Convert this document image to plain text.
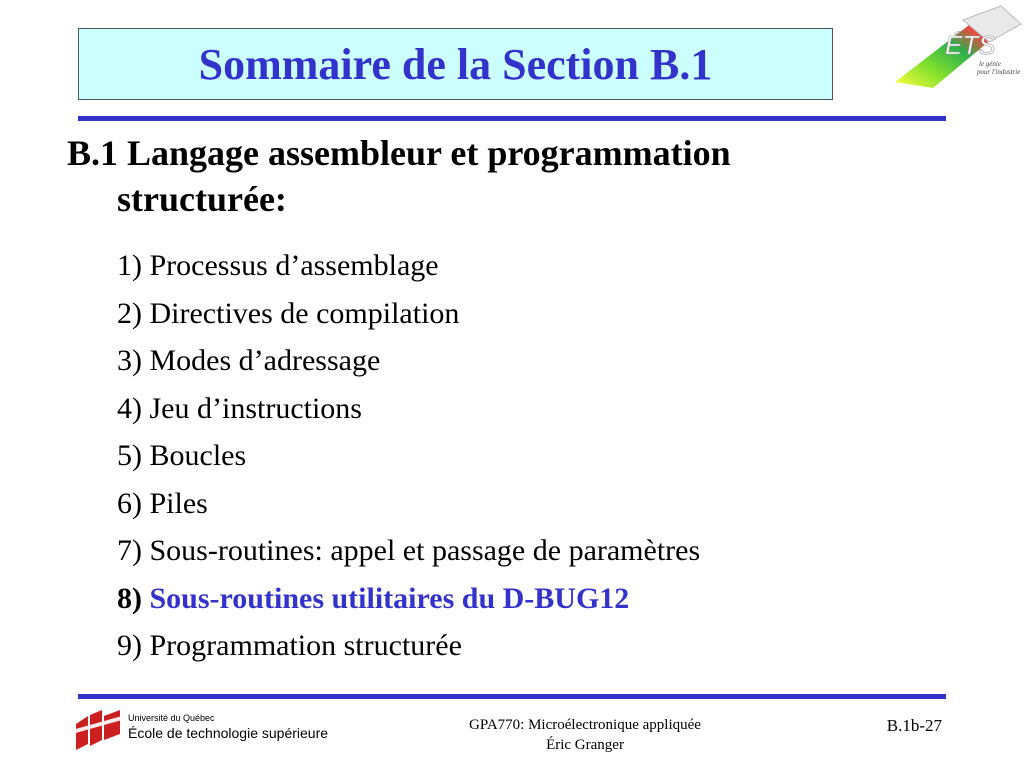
Sommaire de la Section B.1	ÉTS
le génie
pour l'industrie
B.1 Langage assembleur et programmation
structurée:
1) Processus d’assemblage
2) Directives de compilation
3) Modes d’adressage
4) Jeu d’instructions
5) Boucles
6) Piles
7) Sous-routines: appel et passage de paramètres
8) Sous-routines utilitaires du D-BUG12
9) Programmation structurée
Université du Québec
École de technologie supérieure	GPA770: Microélectronique appliquée
Éric Granger
B.1b-27
